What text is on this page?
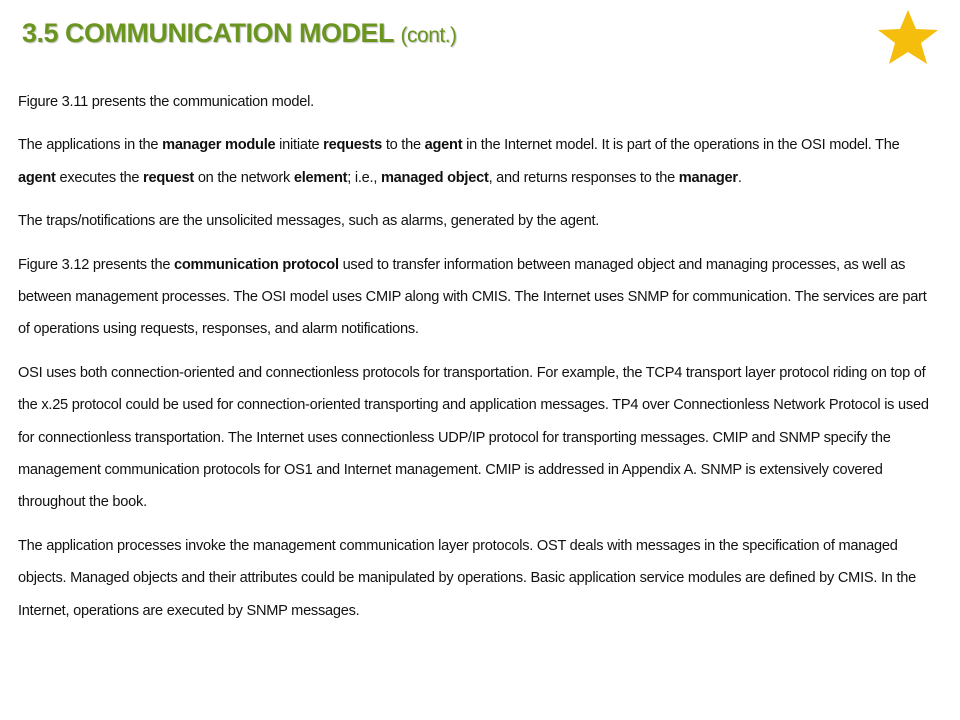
3.5 COMMUNICATION MODEL (cont.)

Figure 3.11 presents the communication model.

The applications in the manager module initiate requests to the agent in the Internet model. It is part of the operations in the OSI model. The agent executes the request on the network element; i.e., managed object, and returns responses to the manager.

The traps/notifications are the unsolicited messages, such as alarms, generated by the agent.

Figure 3.12 presents the communication protocol used to transfer information between managed object and managing processes, as well as between management processes. The OSI model uses CMIP along with CMIS. The Internet uses SNMP for communication. The services are part of operations using requests, responses, and alarm notifications.

OSI uses both connection-oriented and connectionless protocols for transportation. For example, the TCP4 transport layer protocol riding on top of the x.25 protocol could be used for connection-oriented transporting and application messages. TP4 over Connectionless Network Protocol is used for connectionless transportation. The Internet uses connectionless UDP/IP protocol for transporting messages. CMIP and SNMP specify the management communication protocols for OS1 and Internet management. CMIP is addressed in Appendix A. SNMP is extensively covered throughout the book.

The application processes invoke the management communication layer protocols. OST deals with messages in the specification of managed objects. Managed objects and their attributes could be manipulated by operations. Basic application service modules are defined by CMIS. In the Internet, operations are executed by SNMP messages.
